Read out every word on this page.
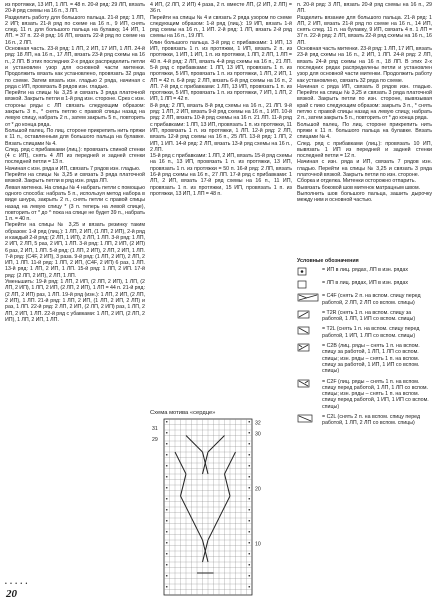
из протяжки, 13 ИП, 1 ЛП. = 48 п. 20-й ряд: 29 ЛП, вязать 20-й ряд схемы на 16 п., 3 ЛП.

Разделить работу для большого пальца. 21-й ряд: 1 ЛП, 2 ИП; вязать 21-й ряд по схеме на 16 п., 9 ИП, снять след. 11 п. для большого пальца на булавку, 14 ИП, 1 ЛП. = 37 п. 22-й ряд: 16 ЛП, вязать 22-й ряд по схеме на 16 п., 2 ЛП.

Основная часть. 23-й ряд: 1 ЛП, 2 ИП, 17 ИП, 1 ЛП. 24-й ряд: 18 ЛП, на 16 п., 17 ЛП, вязать 23-й ряд схемы на 16 п., 2 ЛП. В этих последних 2-х рядах распределить петли и установлен узор для основной части митенки. Продолжить вязать как установлено, провязать 32 ряда по схеме. Затем вязать изн. гладью 2 ряда, начиная с ряда с ИП, провязать 8 рядов изн. гладью.

Перейти на спицы № 3,25 и связать 3 ряда платочной вязкой. Закрыть петли в 1-й ряд изн. стороне. Срез с изн. стороны ряды с ЛП связать следующим образом: закрыть 3 п., * снять петлю с правой спицы назад на левую спицу, набрать 2 п., затем закрыть 5 п., повторить от * до конца ряда.

Большой палец. По лиц. стороне прикрепить нить пряжи к 11 п., оставленным для большого пальца на булавке. Вязать спицами № 4.

След. ряд с прибавками (лиц.): провязать спиной стенки (4 с ИП), снять 4 ЛП из передней и задней стенки последней петли = 13 п.

Начиная с изн. ряда и ИП, связать 7 рядов изн. гладью.

Перейти на спицы № 3,25 и связать 3 ряда платочной вязкой. Закрыть петли в ряд изн. ряда ЛП.

Левая митенка. На спицы № 4 набрать петли с помощью одного способа: набрать 5 п., используя метод набора в виде шнура, закрыть 2 п., снять петли с правой спицы назад на левую спицу * (3 п. теперь на левой спице), повторить от * до ^ пока на спице не будет 39 п., набрать 1 п. = 40 п.

Перейти на спицы № 3,25 и вязать резинку таким образом: 1-й ряд (лиц.): 1 ЛП, 2 ИП, (1 ЛП, 2 ИП), 2-й ряд и каждый 2-й ряд: (2 ЛП, 1 ИП), 2 ЛП, 1 ЛП. 3-й ряд: 1 ЛП, 2 ИП, 2 ЛП, 5 раз, 2 ИП, 1 ЛП. 3-й ряд: 1 ЛП, 2 ИП, (2 ИП) 6 раз, 2 ИП, 1 ЛП. 5-й ряд: (1 ЛП, 2 ИП), 2 ЛП, 2 ИП, 1 ЛП. 7-й ряд: (C4F, 2 ИП), 3 раза. 9-й ряд: (1 ЛП, 2 ИП), 2 ЛП, 2 ИП, 1 ЛП. 11-й ряд: 1 ЛП, 2 ИП, (C4F, 2 ИП) 6 раз, 1 ЛП. 13-й ряд: 1 ЛП, 2 ИП, 1 ЛП. 15-й ряд: 1 ЛП, 2 ИП. 17-й ряд: (2 ЛП, 2 ИП), 2 ЛП, 1 ЛП.

Уменьшить: 19-й ряд: 1 ЛП, 2 ИП, (2 ЛП, 2 ИП), 1 ЛП, (2 ЛП, 2 ИП), 1 ЛП, 2 ИП, (2 ЛП, 2 ИП), 1 ЛП = 44 п. 21-й ряд: (2 ЛП, 2 ИП) раз, 1 ЛП. 19-й ряд (изн.): 1 ЛП, 2 ИП, (2 ЛП, 2 ИП), 1 ЛП. 21-й ряд: 1 ЛП, 2 ИП, (1 ЛП, 2 ИП, 2 ЛП) и раз, 1 ЛП. 22-й ряд: 2 ЛП, 2 ИП, (2 ЛП, 2 ИП) раз, 1 ЛП, 2 ЛП, 2 ИП, 1 ЛП. 22-й ряд с убавками: 1 ЛП, 2 ИП, (2 ЛП, 2 ИП), 1 ЛП, 2 ИП, 1 ЛП.

4 ИП, (2 ЛП, 2 ИП) 4 раза, 2 п. вместе ЛП, (2 ИП, 2 ЛП) = 36 п.

Перейти на спицы № 4 и связать 2 ряда узором по схеме следующим образом: 1-й ряд (лиц.): 19 ИП, вязать 1-й ряд схемы на 16 п., 1 ИП. 2-й ряд: 1 ЛП, вязать 2-й ряд схемы на 16 п., 19 ЛП.

Клин большого пальца. 3-й ряд с прибавками: 1 ИП, 13 ИП, провязать 1 п. из протяжки, 1 ИП, вязать 2 п. из протяжки, 1 ИП, 1 ИП, 1 п. из протяжки, 1 ЛП, 2 ЛП, 1 ЛП = 40 п. 4-й ряд: 2 ЛП, вязать 4-й ряд схемы на 16 п., 21 ЛП. 5-й ряд с прибавками: 1 ЛП, 13 ИП, провязать 1 п. из протяжки, 5 ИП, провязать 1 п. из протяжки, 1 ЛП, 2 ИП, 1 ЛП = 42 п. 6-й ряд: 2 ЛП, вязать 6-й ряд схемы на 16 п., 2 ЛП. 7-й ряд с прибавками: 1 ЛП, 13 ИП, провязать 1 п. из протяжки, 5 ИП, провязать 1 п. из протяжки, 7 ИП, 1 ЛП, 2 ИП, 1 ЛП = 42 п.

8-й ряд: 2 ЛП, вязать 8-й ряд схемы на 16 п., 21 ЛП. 9-й ряд: 1 ЛП, 2 ИП, вязать 9-й ряд схемы на 16 п., 1 ИП. 10-й ряд: 2 ЛП, вязать 10-й ряд схемы на 16 п. 21 ЛП. 11-й ряд с прибавками: 1 ЛП, 13 ИП, провязать 1 п. из протяжки, 11 ИП, провязать 1 п. из протяжки, 1 ЛП. 12-й ряд: 2 ЛП, вязать 12-й ряд схемы на 16 п., 25 ЛП. 13-й ряд: 1 ЛП, 2 ИП, 1 ИП. 14-й ряд: 2 ЛП, вязать 13-й ряд схемы на 16 п., 2 ЛП.

15-й ряд с прибавками: 1 ЛП, 2 ИП, вязать 15-й ряд схемы на 16 п., 13 ИП, провязать 1 п. из протяжки, 13 ИП, провязать 1 п. из протяжки = 50 п. 16-й ряд: 2 ЛП, вязать 16-й ряд схемы на 16 п., 27 ЛП. 17-й ряд с прибавками: 1 ЛП, 2 ИП, вязать 17-й ряд схемы на 16 п., 11 ИП, провязать 1 п. из протяжки, 15 ИП, провязать 1 п. из протяжки, 13 ИП, 1 ЛП = 48 п.

п. 20-й ряд: 3 ЛП, вязать 20-й ряд схемы на 16 п., 29 ЛП.

Разделить вязание для большого пальца. 21-й ряд: 1 ЛП, 2 ИП, вязать 21-й ряд по схеме на 16 п., 14 ИП, снять след. 11 п. на булавку, 9 ИП, связать 4 п. 1 ЛП = 37 п. 22-й ряд: 2 ЛП, вязать 22-й ряд схемы на 16 п., 16 ЛП.

Основная часть митенки. 23-й ряд: 1 ЛП, 17 ИП, вязать 23-й ряд схемы на 16 п., 2 ИП, 1 ЛП. 24-й ряд: 2 ЛП, вязать 24-й ряд схемы на 16 п., 18 ЛП. В этих 2-х последних рядах распределены петли и установлен узор для основной части митенки. Продолжить работу как установлено, связать 32 ряда по схеме.

Начиная с ряда ИП, связать 8 рядов изн. гладью. Перейти на спицы № 3,25 и связать 3 ряда платочной вязкой. Закрыть петли по изн. стороне, вывязывая край с пико следующим образом: закрыть 3 п., * снять петлю с правой спицы назад на левую спицу, набрать 2 п., затем закрыть 5 п., повторить от * до конца ряда.

Большой палец. По лиц. стороне прикрепить нить пряжи к 11 п. большого пальца на булавке. Вязать спицами № 4.

След. ряд с прибавками (лиц.): провязать 10 ИП, вывязать 1 ИП из передней и задней стенки последней петли = 12 п.

Начиная с изн. ряда и ИП, связать 7 рядов изн. гладью. Перейти на спицы № 3,25 и связать 3 ряда платочной вязкой. Закрыть петли по изн. стороне.

Сборка и отделка. Митенки осторожно отпарить.

Вывязать боковой шов митенок матрацным швом.

Выполнить шов большого пальца, зашить дырочку между ним и основной частью.

Схема мотива «сердце»
32
30
20
10
31
29
Условные обозначения
= ИП в лиц. рядах, ЛП в изн. рядах
= ЛП в лиц. рядах, ИП в изн. рядах
= C4F (снять 2 п. на вспом. спицу перед работой, 2 ЛП, 2 ЛП со вспом. спицы)
= T2R (снять 1 п. на вспом. спицу за работой, 1 ЛП, 1 ИП со вспом. спицы)
= T2L (снять 1 п. на вспом. спицу перед работой, 1 ИП, 1 ЛП со вспом. спицы)
= C2B (лиц. ряды – снять 1 п. на вспом. спицу за работой, 1 ЛП, 1 ЛП со вспом. спицы; изн. ряды – снять 1 п. на вспом. спицу за работой, 1 ИП, 1 ИП со вспом. спицы)
= C2F (лиц. ряды – снять 1 п. на вспом. спицу перед работой, 1 ЛП, 1 ЛП со вспом. спицы; изн. ряды – снять 1 п. на вспом. спицу перед работой, 1 ИП, 1 ИП со вспом. спицы)
= C2L (снять 2 п. на вспом. спицу перед работой, 1 ЛП, 2 ЛП со вспом. спицы)
• • • • •
20
